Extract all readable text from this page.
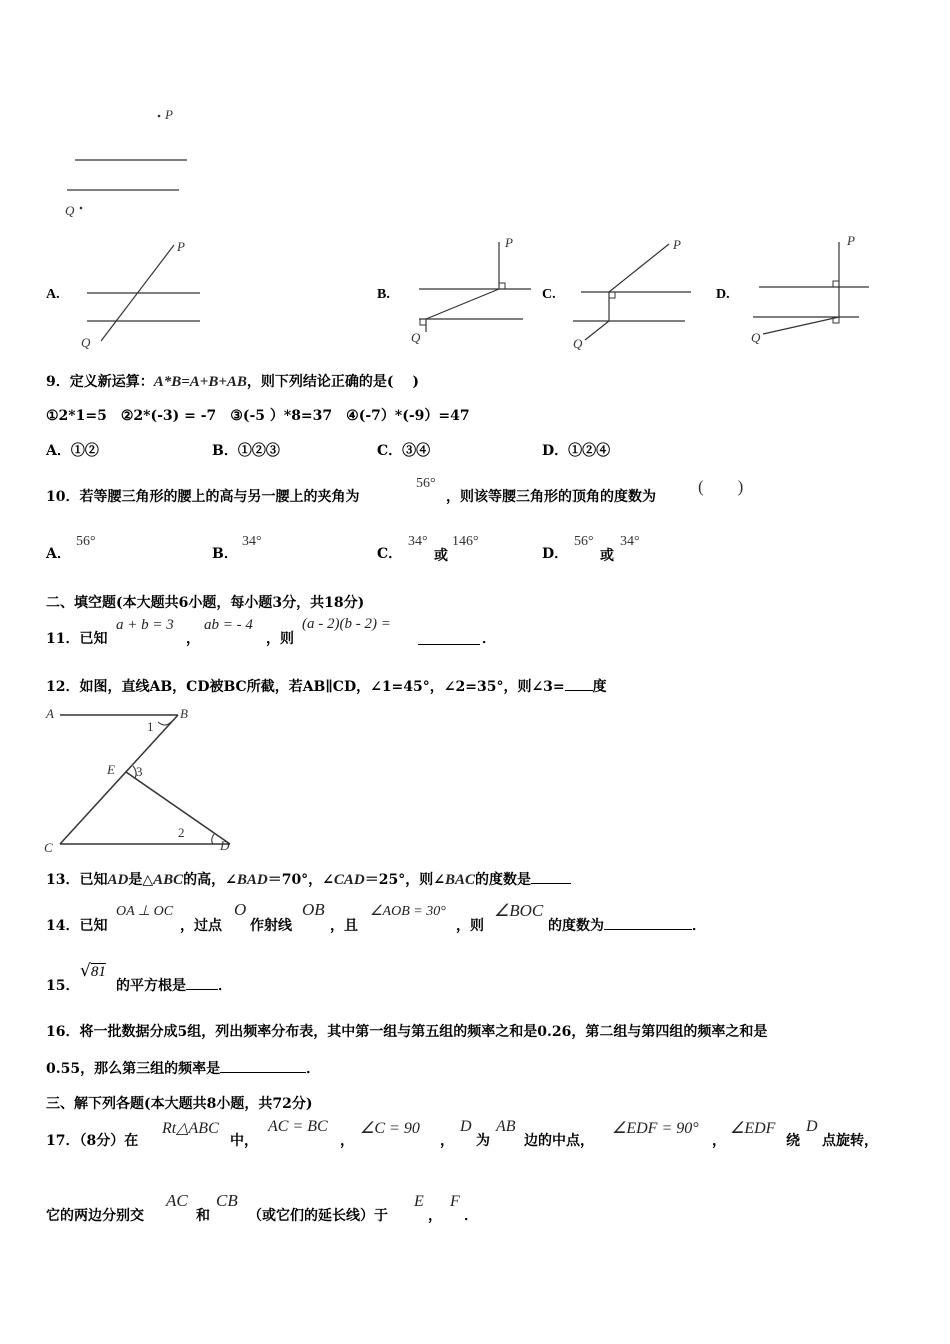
P
Q
A.
P
Q
B.
P
Q
C.
P
Q
D.
P
Q
9．定义新运算：A*B=A+B+AB，则下列结论正确的是(　 )
①2*1=5　②2*(-3) = -7　③(-5 ）*8=37　④(-7）*(-9）=47
A．①②	B．①②③	C．③④	D．①②④
10．若等腰三角形的腰上的高与另一腰上的夹角为
56°
，则该等腰三角形的顶角的度数为
(　　)
A．
56°
B．
34°
C．
34°
或
146°
D．
56°
或
34°
二、填空题(本大题共6小题，每小题3分，共18分)
11．已知
a + b = 3
，
ab = - 4
，则
(a - 2)(b - 2) =
．
12．如图，直线AB，CD被BC所截，若AB∥CD，∠1=45°，∠2=35°，则∠3= 度
A	B
C	D
E
1
3
2
13．已知AD是△ABC的高，∠BAD＝70°，∠CAD＝25°，则∠BAC的度数是
14．已知
OA ⊥ OC
，过点
O
作射线
OB
，且
∠AOB = 30°
，则
∠BOC
的度数为	．
15．
√81
的平方根是 ．
16．将一批数据分成5组，列出频率分布表，其中第一组与第五组的频率之和是0.26，第二组与第四组的频率之和是
0.55，那么第三组的频率是	．
三、解下列各题(本大题共8小题，共72分)
17．（8分）在
Rt△ABC
中，
AC = BC
，
∠C = 90
，
D
为
AB
边的中点，
∠EDF = 90°
，
∠EDF
绕
D
点旋转，
它的两边分别交
AC
和
CB
（或它们的延长线）于
E
，
F
．
